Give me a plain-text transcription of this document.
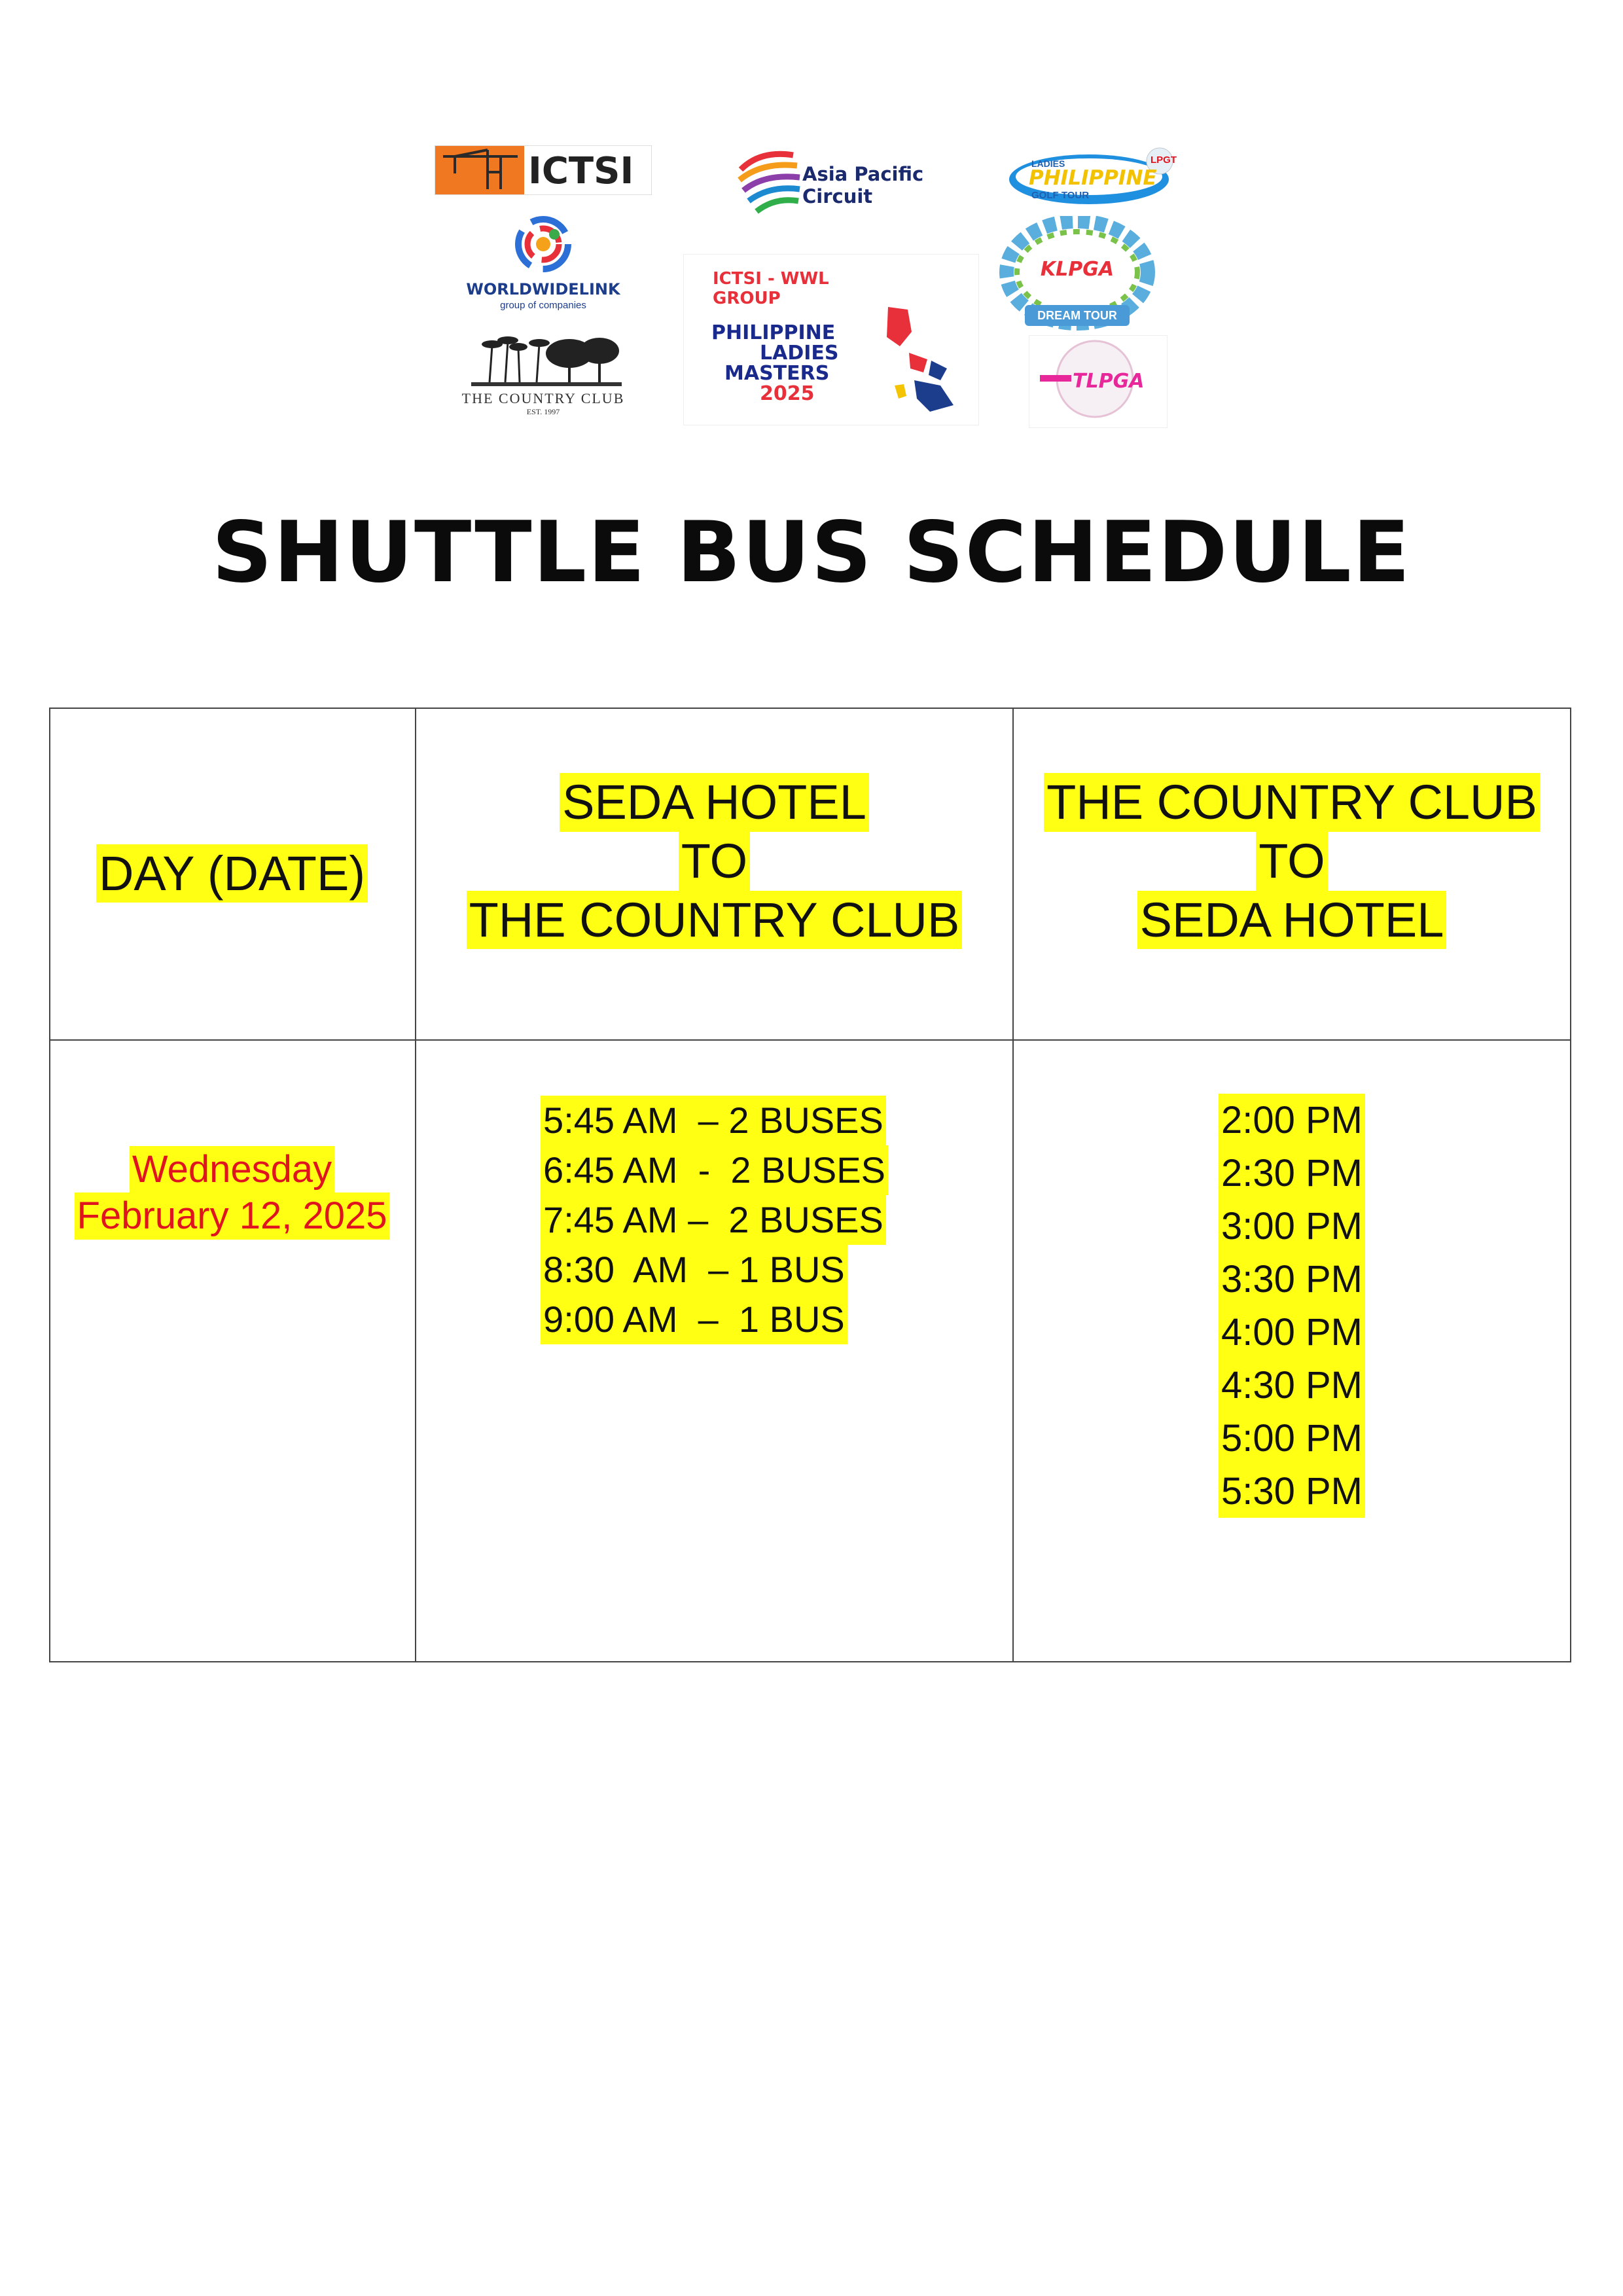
ICTSI	Asia Pacific
Circuit
LADIES
PHILIPPINE
GOLF TOUR
LPGT
WORLDWIDELINK
group of companies
ICTSI - WWL GROUP
PHILIPPINE
LADIES
MASTERS
2025
KLPGA
DREAM TOUR
THE COUNTRY CLUB
EST. 1997
TLPGA
SHUTTLE BUS SCHEDULE
DAY (DATE)
SEDA HOTEL
TO
THE COUNTRY CLUB
THE COUNTRY CLUB
TO
SEDA HOTEL
Wednesday
February 12, 2025
5:45 AM  – 2 BUSES
6:45 AM  -  2 BUSES
7:45 AM –  2 BUSES
8:30  AM  – 1 BUS
9:00 AM  –  1 BUS
2:00 PM
2:30 PM
3:00 PM
3:30 PM
4:00 PM
4:30 PM
5:00 PM
5:30 PM
